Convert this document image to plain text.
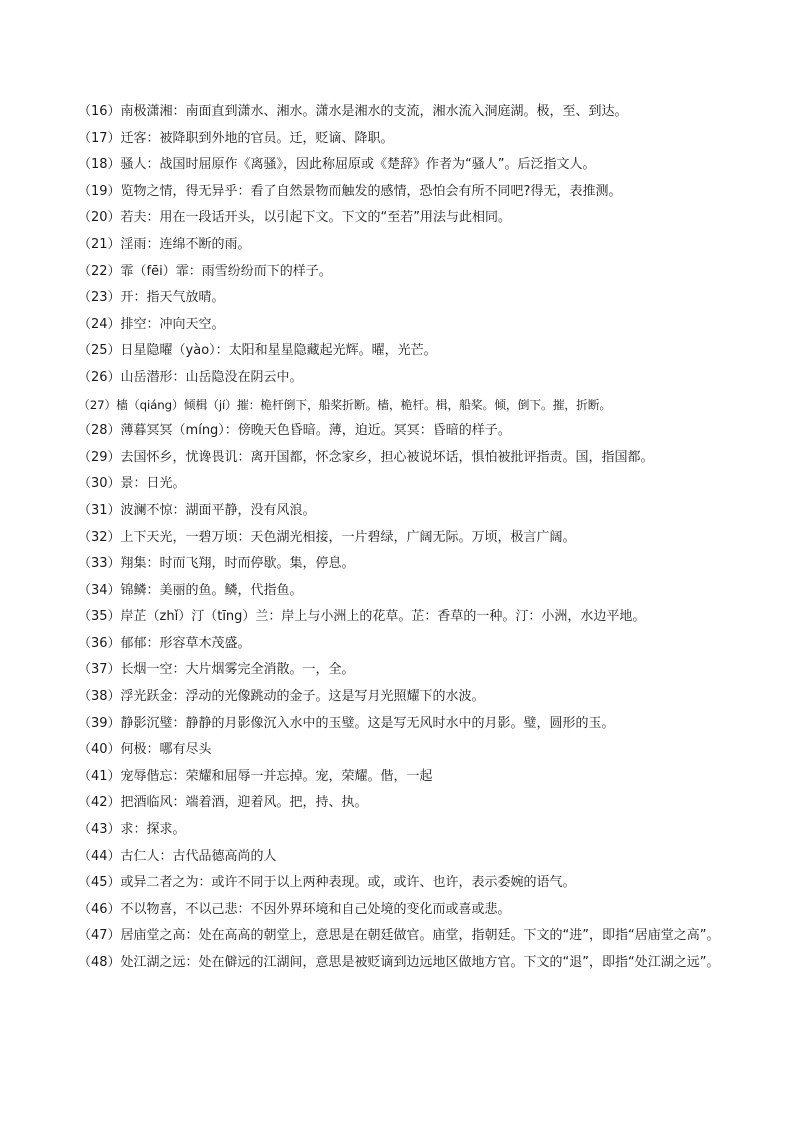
（16）南极潇湘：南面直到潇水、湘水。潇水是湘水的支流，湘水流入洞庭湖。极，至、到达。
（17）迁客：被降职到外地的官员。迁，贬谪、降职。
（18）骚人：战国时屈原作《离骚》，因此称屈原或《楚辞》作者为“骚人”。后泛指文人。
（19）览物之情，得无异乎：看了自然景物而触发的感情，恐怕会有所不同吧?得无，表推测。
（20）若夫：用在一段话开头，以引起下文。下文的“至若”用法与此相同。
（21）淫雨：连绵不断的雨。
（22）霏（fēi）霏：雨雪纷纷而下的样子。
（23）开：指天气放晴。
（24）排空：冲向天空。
（25）日星隐曜（yào）：太阳和星星隐藏起光辉。曜，光芒。
（26）山岳潜形：山岳隐没在阴云中。
（27）樯（qiáng）倾楫（jí）摧：桅杆倒下，船桨折断。樯，桅杆。楫，船桨。倾，倒下。摧，折断。
（28）薄暮冥冥（míng）：傍晚天色昏暗。薄，迫近。冥冥：昏暗的样子。
（29）去国怀乡，忧谗畏讥：离开国都，怀念家乡，担心被说坏话，惧怕被批评指责。国，指国都。
（30）景：日光。
（31）波澜不惊：湖面平静，没有风浪。
（32）上下天光，一碧万顷：天色湖光相接，一片碧绿，广阔无际。万顷，极言广阔。
（33）翔集：时而飞翔，时而停歇。集，停息。
（34）锦鳞：美丽的鱼。鳞，代指鱼。
（35）岸芷（zhǐ）汀（tīng）兰：岸上与小洲上的花草。芷：香草的一种。汀：小洲，水边平地。
（36）郁郁：形容草木茂盛。
（37）长烟一空：大片烟雾完全消散。一，全。
（38）浮光跃金：浮动的光像跳动的金子。这是写月光照耀下的水波。
（39）静影沉璧：静静的月影像沉入水中的玉璧。这是写无风时水中的月影。璧，圆形的玉。
（40）何极：哪有尽头
（41）宠辱偕忘：荣耀和屈辱一并忘掉。宠，荣耀。偕，一起
（42）把酒临风：端着酒，迎着风。把，持、执。
（43）求：探求。
（44）古仁人：古代品德高尚的人
（45）或异二者之为：或许不同于以上两种表现。或，或许、也许，表示委婉的语气。
（46）不以物喜，不以己悲：不因外界环境和自己处境的变化而或喜或悲。
（47）居庙堂之高：处在高高的朝堂上，意思是在朝廷做官。庙堂，指朝廷。下文的“进”，即指“居庙堂之高”。
（48）处江湖之远：处在僻远的江湖间，意思是被贬谪到边远地区做地方官。下文的“退”，即指“处江湖之远”。
